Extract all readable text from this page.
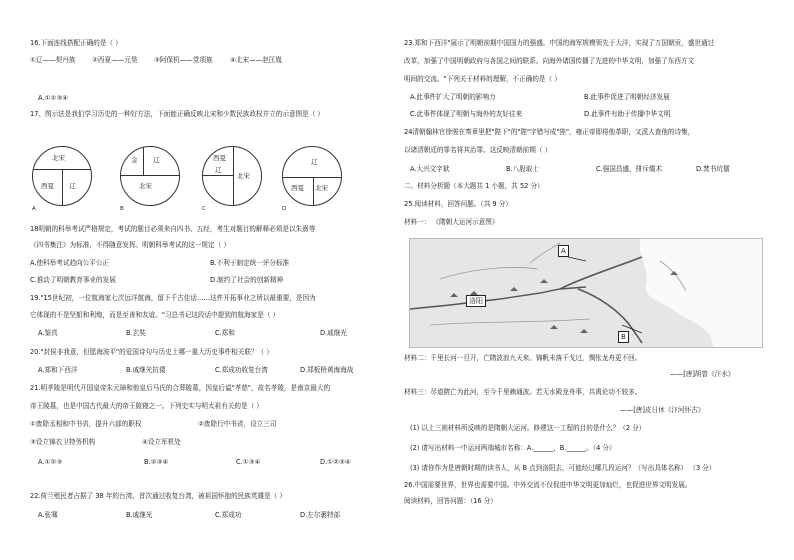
16.下面连线搭配正确的是（ ）
①辽——契丹族	②西夏——元昊	③阿保机——党项族	④北宋——赵匡胤
A.①②③④
17、图示法是我们学习历史的一种好方法，下面能正确反映北宋和少数民族政权并立的示意图是（ ）
北宋
西夏 辽
A
金 辽
北宋
B
西夏
辽
北宋
C
辽
西夏 北宋
D
18明朝的科举考试严格规定，考试的题目必须来自四书、五经，考生对题目的解释必须是以朱熹等
《四书集注》为标准，不得随意发挥。明朝科举考试的这一规定（ ）
A.使科举考试趋向公平公正	B.不利于制定统一评分标准
C.推动了明朝教育事业的发展	D.制约了社会的创新精神
19."15世纪初，一位航海家七次远洋航海，留下千古佳话……这件开拓事业之所以最重要，是因为
它体现的不是坚船和利炮，而是至善和友谊。"习总书记这段话中提到的航海家是（ ）
A.鉴真	B.玄奘	C.郑和	D.戚继光
20."封侯非我意，但愿海波平"的爱国诗句与历史上哪一重大历史事件相关联？（ ）
A.郑和下西洋	B.戚继光抗倭	C.郑成功收复台湾	D.郑板桥黄海海战
21.明孝陵是明代开国皇帝朱元璋和他皇后马氏的合葬陵墓，因皇后谥"孝慈"，故名孝陵，是南京最大的
帝王陵墓，也是中国古代最大的帝王陵寝之一。下列史实与明太祖有关的是（ ）
①废除丞相和中书省，提升六部的职权	②废除行中书省，设立三司
③设立锦衣卫特务机构	④设立军机处
A.①②③	B.②③④	C.①③④	D.①②③④
22.荷兰殖民者占据了 38 年的台湾，首次通过收复台湾，被祖国怀抱的民族英雄是（ ）
A.张骞	B.戚继光	C.郑成功	D.左尔裹特部
23.郑和下西洋"展示了明朝前期中国国力的强盛。中国的海军规模领先于大洋，实现了万国朝贡，盛世通过
改革，加强了中国明朝政府与各国之间的联系。向海外诸国传播了先进的中华文明，加强了东西方文
明间的交流。"下列关于材料的理解，不正确的是（ ）
A.此事件扩大了明朝的影响力	B.此事件促进了明朝经济发展
C.此事件体现了明朝与海外的友好往来	D.此事件有助于传播中华文明
24清朝翰林官徐骏在奏章里把"陛下"的"陛"字错写成"狴"，雍正帝即将他革职，又派人查他的诗集，
以诸清朝廷的罪名将其治罪。这反映清朝前期（ ）
A.大兴文字狱	B.八股取士	C.强国昌盛，排斥儒术	D.焚书坑儒
二、材料分析题（本大题共 1 小题，共 52 分）
25.阅读材料，回答问题。（共 9 分）
材料一： 《隋朝大运河示意图》
A
洛阳
B
材料二：千里长河一旦开，亡隋波浪九天来。锦帆未落干戈过，惆怅龙舟更不回。
——[唐]胡曾《汴水》
材料三：尽道隋亡为此河，至今千里赖通波。若无水殿龙舟事，共禹论功不较多。
——[唐]皮日休《汴河怀古》
(1) 以上三则材料所反映的是隋朝大运河。修建这一工程的目的是什么？（2 分）
(2) 请写出材料一中运河两端城市名称：A.______，B.______。（4 分）
(3) 请你作为是唐朝时期的读书人，从 B 点到洛阳去，可能经过哪几段运河？（写出具体名称） （3 分）
26.中国需要世界，世界也需要中国。中外交流不仅促进中华文明更加灿烂，也促进世界文明发展。
阅读材料，回答问题：（16 分）
